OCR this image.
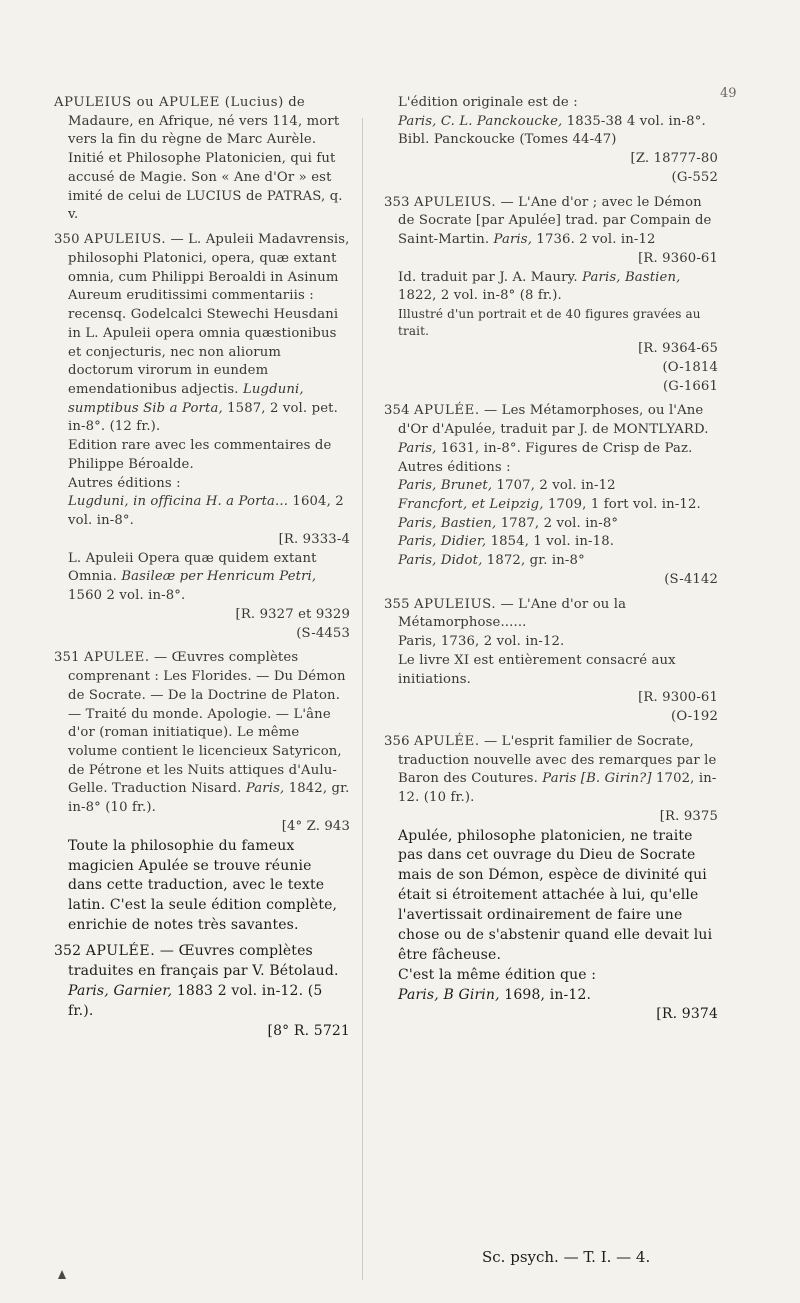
49
APULEIUS ou APULEE (Lucius) de Madaure, en Afrique, né vers 114, mort vers la fin du règne de Marc Aurèle. Initié et Philosophe Platonicien, qui fut accusé de Magie. Son « Ane d'Or » est imité de celui de LUCIUS de PATRAS, q. v.
350 APULEIUS. — L. Apuleii Madavrensis, philosophi Platonici, opera, quæ extant omnia, cum Philippi Beroaldi in Asinum Aureum eruditissimi commentariis : recensq. Godelcalci Stewechi Heusdani in L. Apuleii opera omnia quæstionibus et conjecturis, nec non aliorum doctorum virorum in eundem emendationibus adjectis. Lugduni, sumptibus Sib a Porta, 1587, 2 vol. pet. in-8°. (12 fr.).

Edition rare avec les commentaires de Philippe Béroalde.

Autres éditions :

Lugduni, in officina H. a Porta... 1604, 2 vol. in-8°.

[R. 9333-4

L. Apuleii Opera quæ quidem extant Omnia. Basileæ per Henricum Petri, 1560 2 vol. in-8°.

[R. 9327 et 9329

(S-4453

351 APULEE. — Œuvres complètes comprenant : Les Florides. — Du Démon de Socrate. — De la Doctrine de Platon. — Traité du monde. Apologie. — L'âne d'or (roman initiatique). Le même volume contient le licencieux Satyricon, de Pétrone et les Nuits attiques d'Aulu-Gelle. Traduction Nisard. Paris, 1842, gr. in-8° (10 fr.).

[4° Z. 943

Toute la philosophie du fameux magicien Apulée se trouve réunie dans cette traduction, avec le texte latin. C'est la seule édition complète, enrichie de notes très savantes.

352 APULÉE. — Œuvres complètes traduites en français par V. Bétolaud. Paris, Garnier, 1883 2 vol. in-12. (5 fr.).

[8° R. 5721

L'édition originale est de :

Paris, C. L. Panckoucke, 1835-38 4 vol. in-8°.

Bibl. Panckoucke (Tomes 44-47)

[Z. 18777-80

(G-552

353 APULEIUS. — L'Ane d'or ; avec le Démon de Socrate [par Apulée] trad. par Compain de Saint-Martin. Paris, 1736. 2 vol. in-12

[R. 9360-61

Id. traduit par J. A. Maury. Paris, Bastien, 1822, 2 vol. in-8° (8 fr.).

Illustré d'un portrait et de 40 figures gravées au trait.

[R. 9364-65

(O-1814

(G-1661

354 APULÉE. — Les Métamorphoses, ou l'Ane d'Or d'Apulée, traduit par J. de MONTLYARD. Paris, 1631, in-8°. Figures de Crisp de Paz.

Autres éditions :

Paris, Brunet, 1707, 2 vol. in-12

Francfort, et Leipzig, 1709, 1 fort vol. in-12.

Paris, Bastien, 1787, 2 vol. in-8°

Paris, Didier, 1854, 1 vol. in-18.

Paris, Didot, 1872, gr. in-8°

(S-4142

355 APULEIUS. — L'Ane d'or ou la Métamorphose......

Paris, 1736, 2 vol. in-12.

Le livre XI est entièrement consacré aux initiations.

[R. 9300-61

(O-192

356 APULÉE. — L'esprit familier de Socrate, traduction nouvelle avec des remarques par le Baron des Coutures. Paris [B. Girin?] 1702, in-12. (10 fr.).

[R. 9375

Apulée, philosophe platonicien, ne traite pas dans cet ouvrage du Dieu de Socrate mais de son Démon, espèce de divinité qui était si étroitement attachée à lui, qu'elle l'avertissait ordinairement de faire une chose ou de s'abstenir quand elle devait lui être fâcheuse.

C'est la même édition que :

Paris, B Girin, 1698, in-12.

[R. 9374

Sc. psych. — T. I. — 4.
